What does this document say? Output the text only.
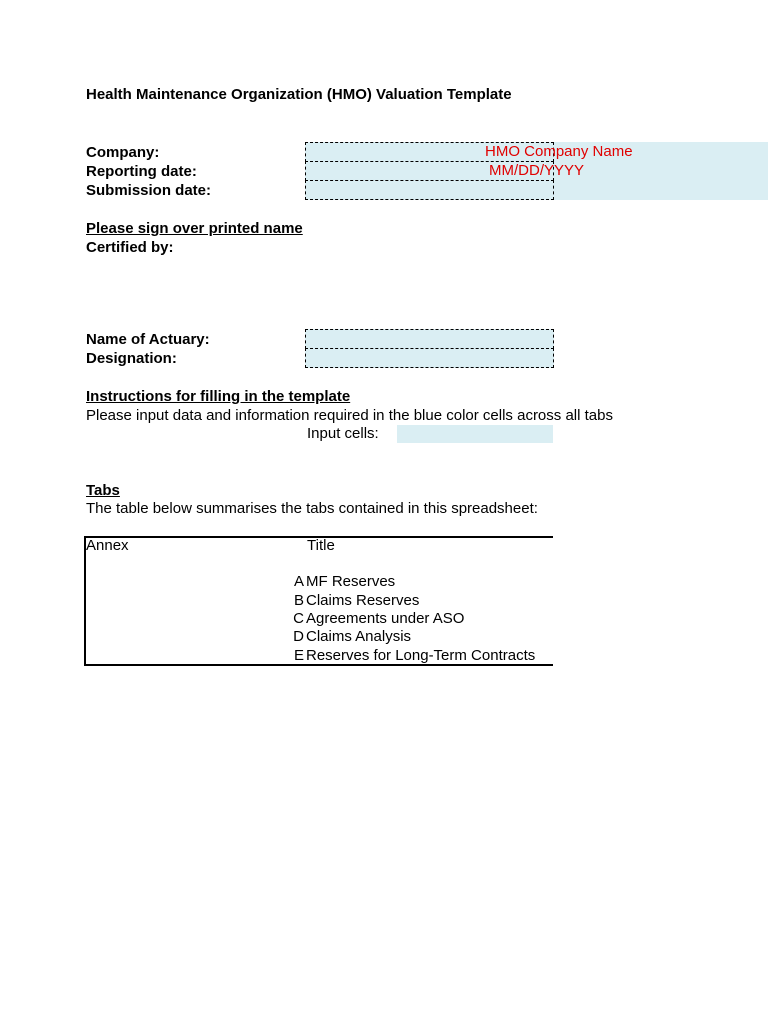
Health Maintenance Organization (HMO) Valuation Template
Company:	HMO Company Name
Reporting date:	MM/DD/YYYY
Submission date:
Please sign over printed name
Certified by:
Name of Actuary:
Designation:
Instructions for filling in the template
Please input data and information required in the blue color cells across all tabs
Input cells:
Tabs
The table below summarises the tabs contained in this spreadsheet:
Annex	Title
A MF Reserves
B Claims Reserves
C Agreements under ASO
D Claims Analysis
E Reserves for Long-Term Contracts
